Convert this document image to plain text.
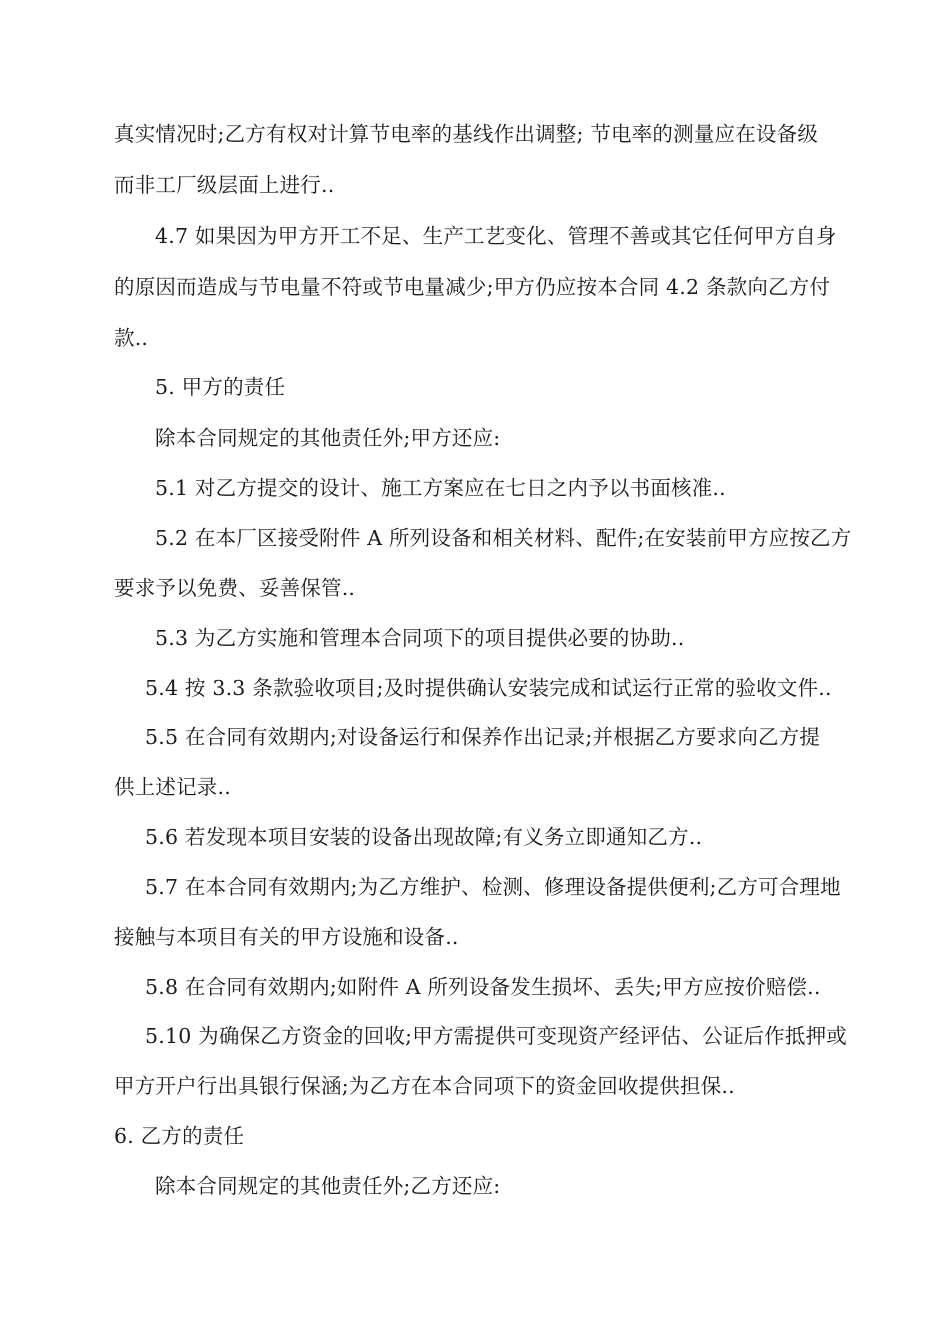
真实情况时;乙方有权对计算节电率的基线作出调整; 节电率的测量应在设备级
而非工厂级层面上进行..
4.7 如果因为甲方开工不足、生产工艺变化、管理不善或其它任何甲方自身
的原因而造成与节电量不符或节电量减少;甲方仍应按本合同 4.2 条款向乙方付
款..
5. 甲方的责任
除本合同规定的其他责任外;甲方还应:
5.1 对乙方提交的设计、施工方案应在七日之内予以书面核准..
5.2 在本厂区接受附件 A 所列设备和相关材料、配件;在安装前甲方应按乙方
要求予以免费、妥善保管..
5.3 为乙方实施和管理本合同项下的项目提供必要的协助..
5.4 按 3.3 条款验收项目;及时提供确认安装完成和试运行正常的验收文件..
5.5 在合同有效期内;对设备运行和保养作出记录;并根据乙方要求向乙方提
供上述记录..
5.6 若发现本项目安装的设备出现故障;有义务立即通知乙方..
5.7 在本合同有效期内;为乙方维护、检测、修理设备提供便利;乙方可合理地
接触与本项目有关的甲方设施和设备..
5.8 在合同有效期内;如附件 A 所列设备发生损坏、丢失;甲方应按价赔偿..
5.10 为确保乙方资金的回收;甲方需提供可变现资产经评估、公证后作抵押或
甲方开户行出具银行保涵;为乙方在本合同项下的资金回收提供担保..
6. 乙方的责任
除本合同规定的其他责任外;乙方还应:
